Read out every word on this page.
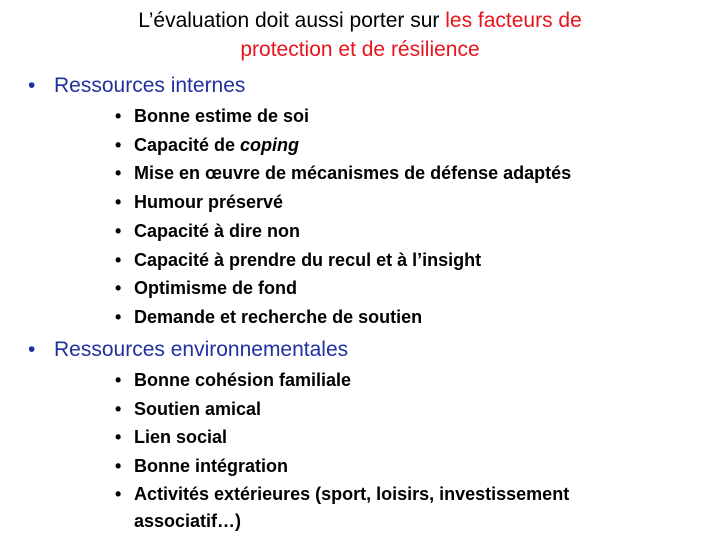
L’évaluation doit aussi porter sur les facteurs de
protection et de résilience
• Ressources internes
• Bonne estime de soi
• Capacité de coping
• Mise en œuvre de mécanismes de défense adaptés
• Humour préservé
• Capacité à dire non
• Capacité à prendre du recul et à l’insight
• Optimisme de fond
• Demande et recherche de soutien
• Ressources environnementales
• Bonne cohésion familiale
• Soutien amical
• Lien social
• Bonne intégration
• Activités extérieures (sport, loisirs, investissement associatif…)
